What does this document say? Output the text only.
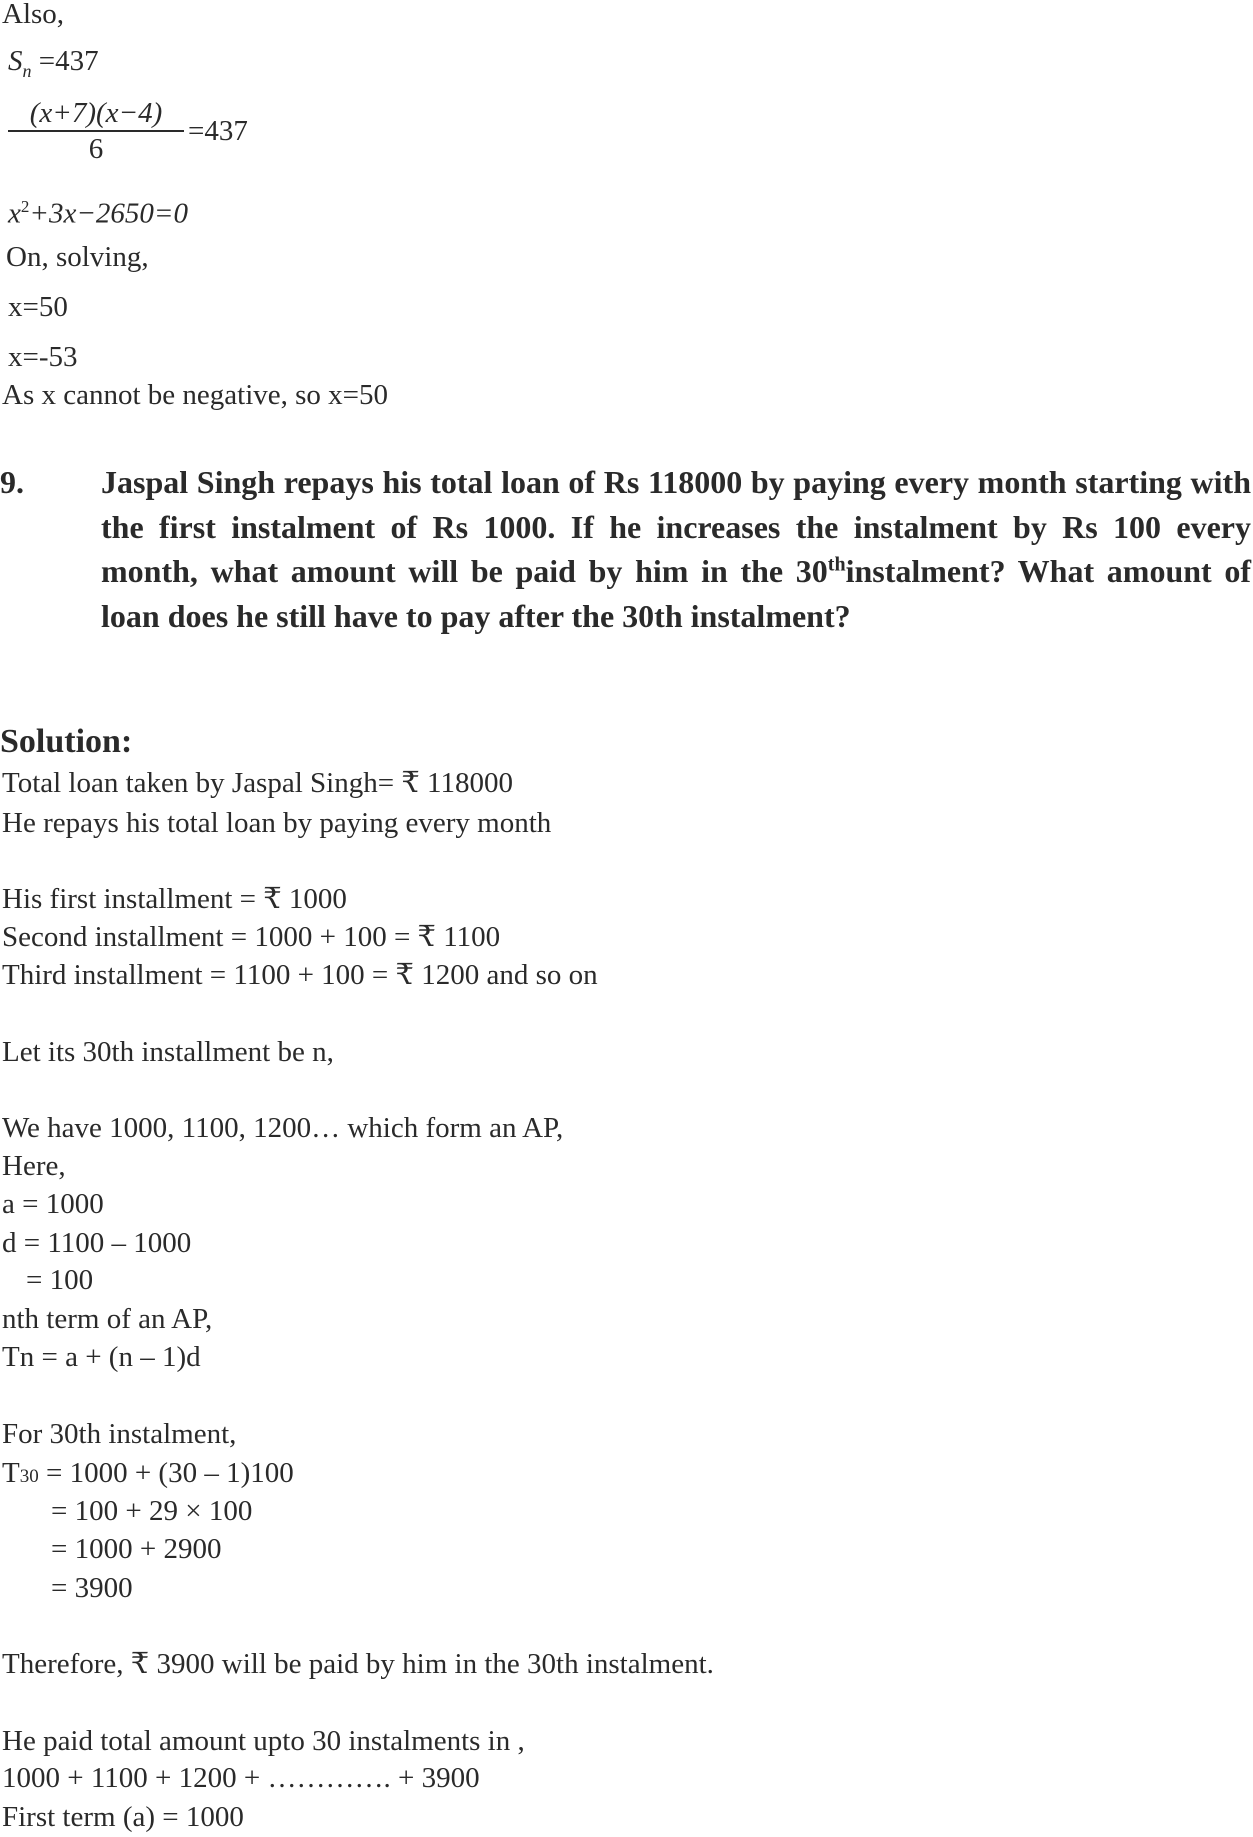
Also,
$S_n =437$
$\frac{(x+7)(x-4)}{6} =437$
$x^2+3x-2650=0$
On, solving,
x=50
x=-53
As x cannot be negative, so x=50
9. Jaspal Singh repays his total loan of Rs 118000 by paying every month starting with the first instalment of Rs 1000. If he increases the instalment by Rs 100 every month, what amount will be paid by him in the 30thinstalment? What amount of loan does he still have to pay after the 30th instalment?
Solution:
Total loan taken by Jaspal Singh= ₹ 118000
He repays his total loan by paying every month
His first installment = ₹ 1000
Second installment = 1000 + 100 = ₹ 1100
Third installment = 1100 + 100 = ₹ 1200 and so on
Let its 30th installment be n,
We have 1000, 1100, 1200… which form an AP,
Here,
a = 1000
d = 1100 – 1000
= 100
nth term of an AP,
Tn = a + (n – 1)d
For 30th instalment,
T30 = 1000 + (30 – 1)100
= 100 + 29 × 100
= 1000 + 2900
= 3900
Therefore, ₹ 3900 will be paid by him in the 30th instalment.
He paid total amount upto 30 instalments in ,
1000 + 1100 + 1200 + …………. + 3900
First term (a) = 1000
